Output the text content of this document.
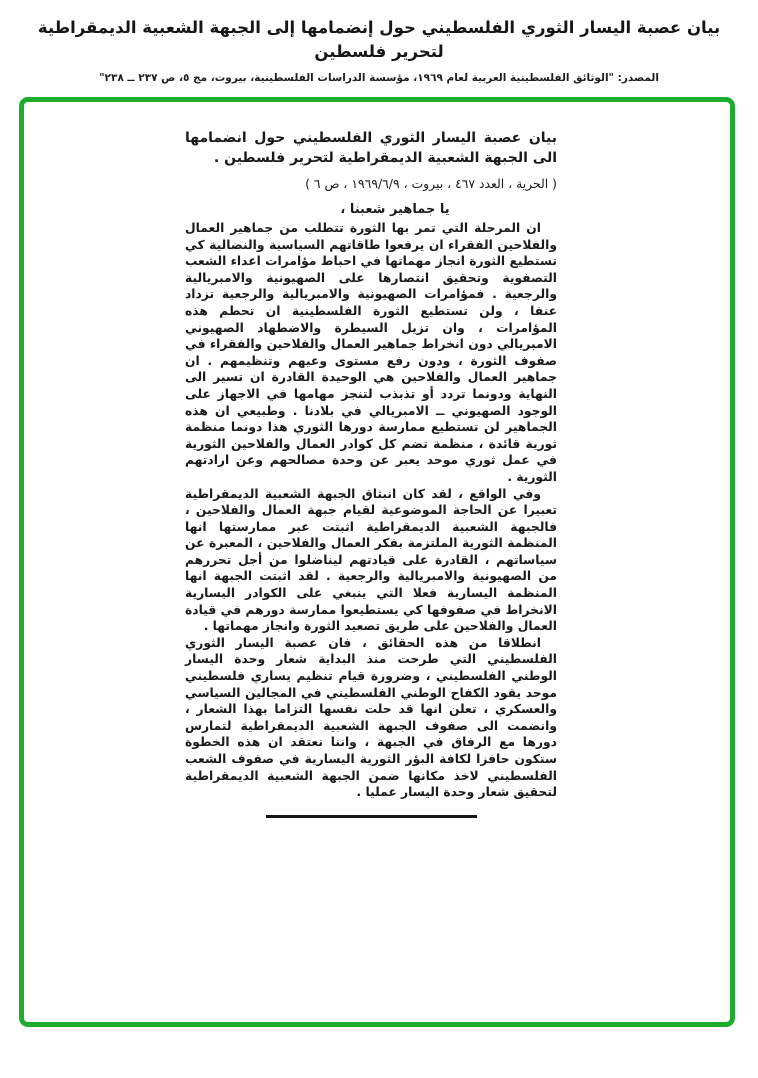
بيان عصبة اليسار الثوري الفلسطيني حول إنضمامها إلى الجبهة الشعبية الديمقراطية لتحرير فلسطين
المصدر: "الوثائق الفلسطينية العربية لعام ١٩٦٩، مؤسسة الدراسات الفلسطينية، بيروت، مج ٥، ص ٢٣٧ ــ ٢٣٨"
بيان عصبة اليسار الثوري الفلسطيني حول انضمامها الى الجبهة الشعبية الديمقراطية لتحرير فلسطين .

( الحرية ، العدد ٤٦٧ ، بيروت ، ١٩٦٩/٦/٩ ، ص ٦ )

يا جماهير شعبنا ،

ان المرحلة التي تمر بها الثورة تتطلب من جماهير العمال والفلاحين الفقراء ان يرفعوا طاقاتهم السياسية والنضالية كي تستطيع الثورة انجاز مهماتها في احباط مؤامرات اعداء الشعب التصفوية وتحقيق انتصارها على الصهيونية والامبريالية والرجعية . فمؤامرات الصهيونية والامبريالية والرجعية تزداد عنفا ، ولن تستطيع الثورة الفلسطينية ان تحطم هذه المؤامرات ، وان تزيل السيطرة والاضطهاد الصهيوني الامبريالي دون انخراط جماهير العمال والفلاحين والفقراء في صفوف الثورة ، ودون رفع مستوى وعيهم وتنظيمهم . ان جماهير العمال والفلاحين هي الوحيدة القادرة ان تسير الى النهاية ودونما تردد أو تذبذب لتنجز مهامها في الاجهاز على الوجود الصهيوني ــ الامبريالي في بلادنا . وطبيعي ان هذه الجماهير لن تستطيع ممارسة دورها الثوري هذا دونما منظمة ثورية قائدة ، منظمة تضم كل كوادر العمال والفلاحين الثورية في عمل ثوري موحد يعبر عن وحدة مصالحهم وعن ارادتهم الثورية .

وفي الواقع ، لقد كان انبثاق الجبهة الشعبية الديمقراطية تعبيرا عن الحاجة الموضوعية لقيام جبهة العمال والفلاحين ، فالجبهة الشعبية الديمقراطية اثبتت عبر ممارستها انها المنظمة الثورية الملتزمة بفكر العمال والفلاحين ، المعبرة عن سياساتهم ، القادرة على قيادتهم ليناضلوا من أجل تحررهم من الصهيونية والامبريالية والرجعية . لقد اثبتت الجبهة انها المنظمة اليسارية فعلا التي ينبغي على الكوادر اليسارية الانخراط في صفوفها كي يستطيعوا ممارسة دورهم في قيادة العمال والفلاحين على طريق تصعيد الثورة وانجاز مهماتها .

انطلاقا من هذه الحقائق ، فان عصبة اليسار الثوري الفلسطيني التي طرحت منذ البداية شعار وحدة اليسار الوطني الفلسطيني ، وضرورة قيام تنظيم يساري فلسطيني موحد يقود الكفاح الوطني الفلسطيني في المجالين السياسي والعسكري ، تعلن انها قد حلت نفسها التزاما بهذا الشعار ، وانضمت الى صفوف الجبهة الشعبية الديمقراطية لتمارس دورها مع الرفاق في الجبهة ، واننا نعتقد ان هذه الخطوة ستكون حافزا لكافة البؤر الثورية اليسارية في صفوف الشعب الفلسطيني لاخذ مكانها ضمن الجبهة الشعبية الديمقراطية لتحقيق شعار وحدة اليسار عمليا .
